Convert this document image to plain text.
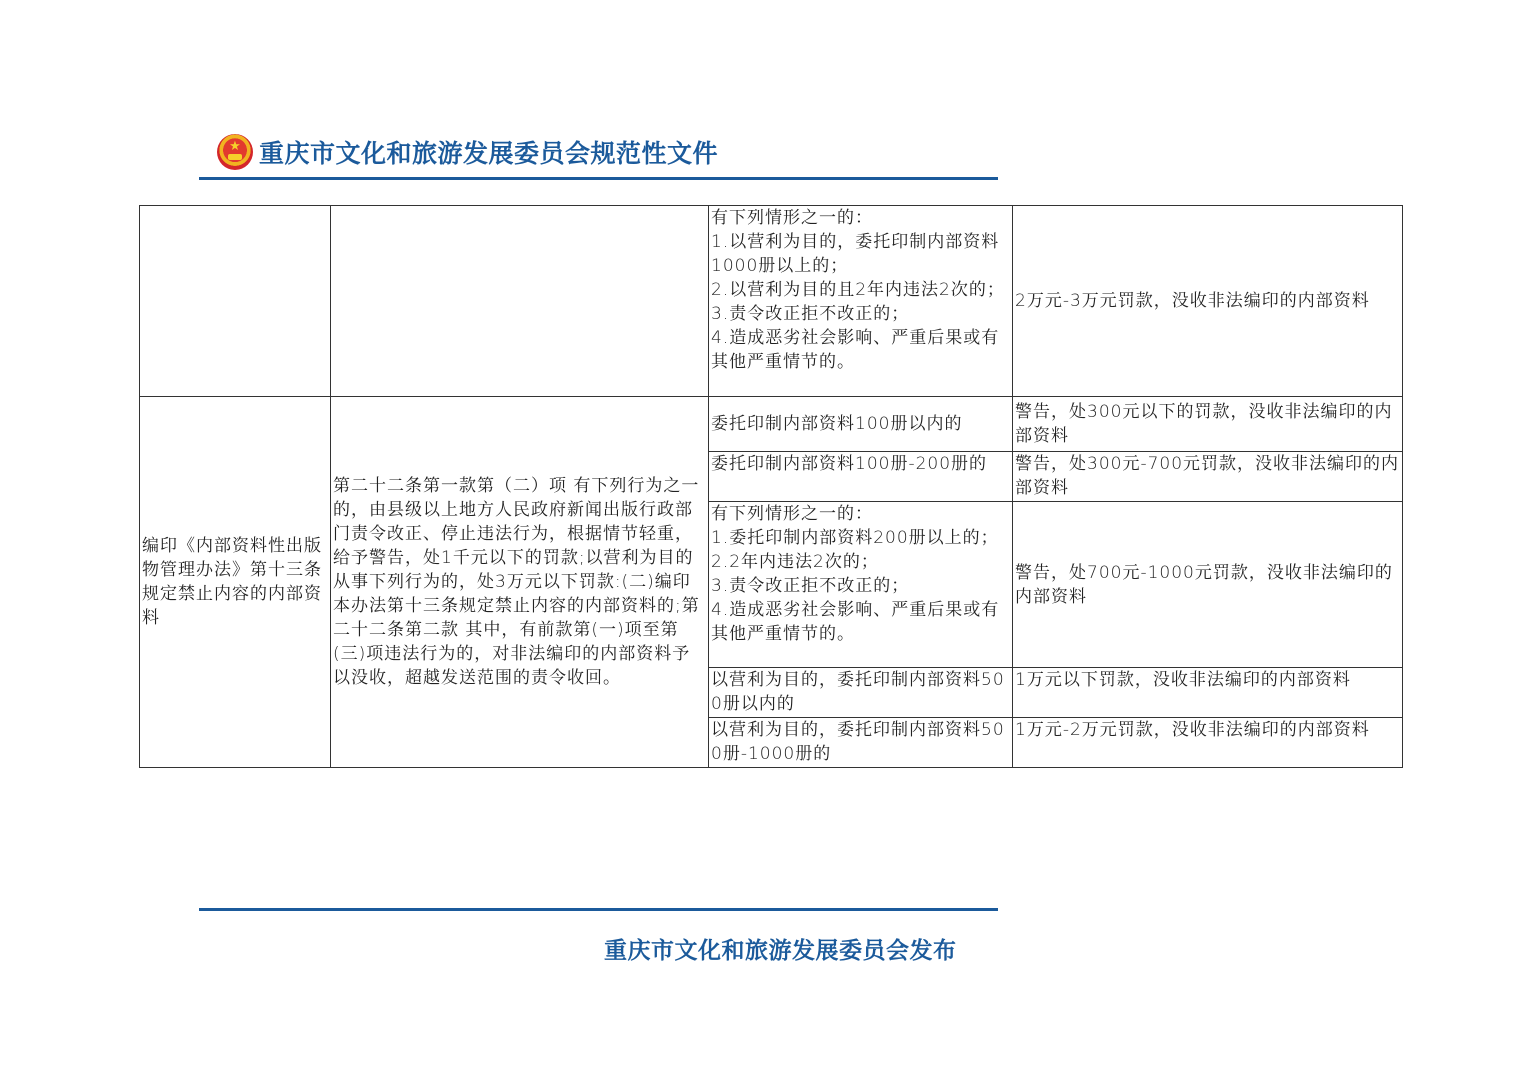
★ 重庆市文化和旅游发展委员会规范性文件
		有下列情形之一的：
1.以营利为目的，委托印制内部资料1000册以上的；
2.以营利为目的且2年内违法2次的；
3.责令改正拒不改正的；
4.造成恶劣社会影响、严重后果或有其他严重情节的。	2万元-3万元罚款，没收非法编印的内部资料
编印《内部资料性出版物管理办法》第十三条规定禁止内容的内部资料	第二十二条第一款第（二）项 有下列行为之一的，由县级以上地方人民政府新闻出版行政部门责令改正、停止违法行为，根据情节轻重，给予警告，处1千元以下的罚款;以营利为目的从事下列行为的，处3万元以下罚款:(二)编印本办法第十三条规定禁止内容的内部资料的;第二十二条第二款 其中，有前款第(一)项至第(三)项违法行为的，对非法编印的内部资料予以没收，超越发送范围的责令收回。	委托印制内部资料100册以内的	警告，处300元以下的罚款，没收非法编印的内部资料
		委托印制内部资料100册-200册的	警告，处300元-700元罚款，没收非法编印的内部资料
		有下列情形之一的：
1.委托印制内部资料200册以上的；
2.2年内违法2次的；
3.责令改正拒不改正的；
4.造成恶劣社会影响、严重后果或有其他严重情节的。	警告，处700元-1000元罚款，没收非法编印的内部资料
		以营利为目的，委托印制内部资料500册以内的	1万元以下罚款，没收非法编印的内部资料
		以营利为目的，委托印制内部资料500册-1000册的	1万元-2万元罚款，没收非法编印的内部资料
重庆市文化和旅游发展委员会发布
